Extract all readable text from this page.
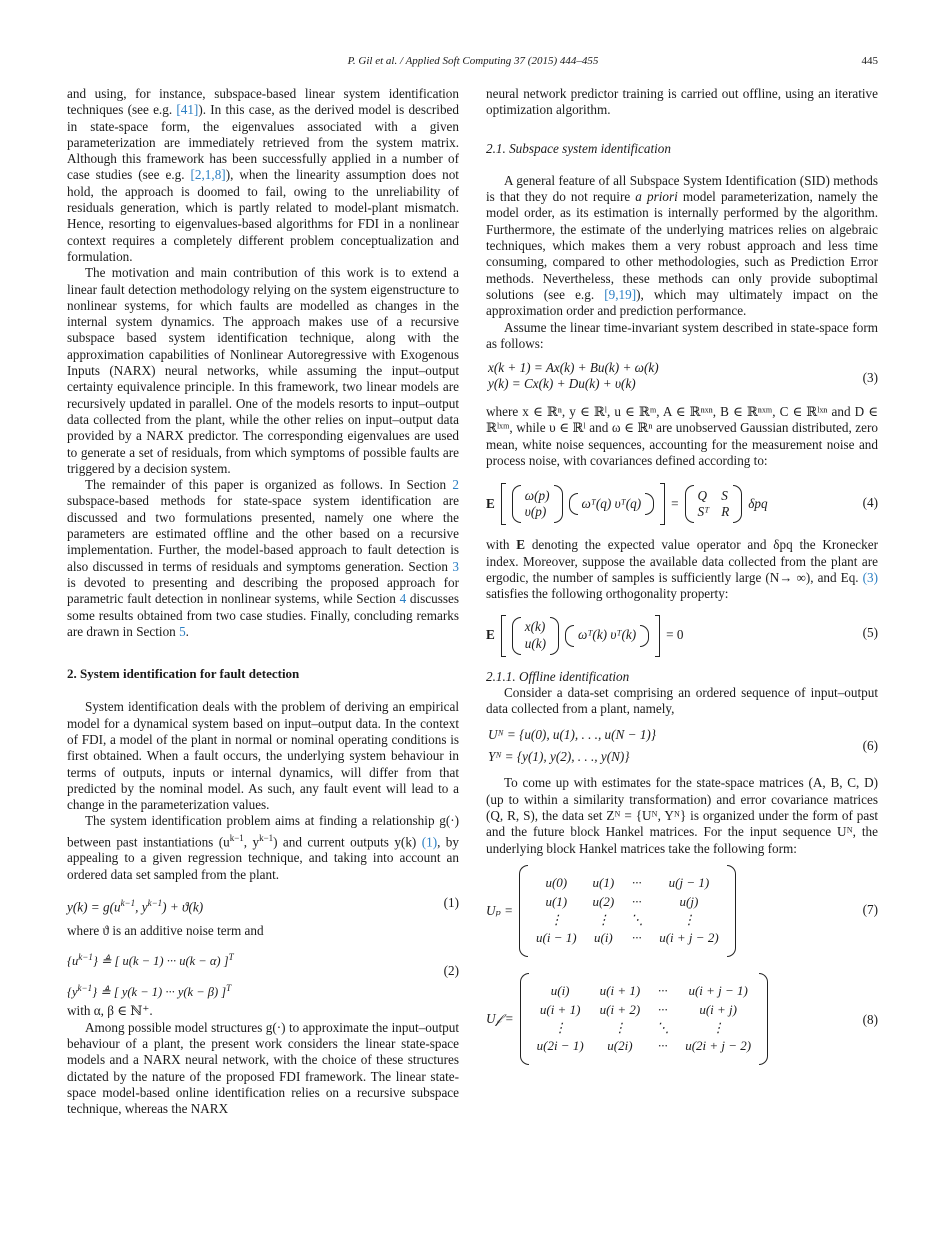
P. Gil et al. / Applied Soft Computing 37 (2015) 444–455	445

and using, for instance, subspace-based linear system identification techniques (see e.g. [41]). In this case, as the derived model is described in state-space form, the eigenvalues associated with a given parameterization are immediately retrieved from the system matrix. Although this framework has been successfully applied in a number of case studies (see e.g. [2,1,8]), when the linearity assumption does not hold, the approach is doomed to fail, owing to the unreliability of residuals generation, which is partly related to model-plant mismatch. Hence, resorting to eigenvalues-based algorithms for FDI in a nonlinear context requires a completely different problem conceptualization and formulation.

The motivation and main contribution of this work is to extend a linear fault detection methodology relying on the system eigenstructure to nonlinear systems, for which faults are modelled as changes in the internal system dynamics. The approach makes use of a recursive subspace based system identification technique, along with the approximation capabilities of Nonlinear Autoregressive with Exogenous Inputs (NARX) neural networks, while assuming the input–output certainty equivalence principle. In this framework, two linear models are recursively updated in parallel. One of the models resorts to input–output data collected from the plant, while the other relies on input–output data provided by a NARX predictor. The corresponding eigenvalues are used to generate a set of residuals, from which symptoms of possible faults are triggered by a decision system.

The remainder of this paper is organized as follows. In Section 2 subspace-based methods for state-space system identification are discussed and two formulations presented, namely one where the parameters are estimated offline and the other based on a recursive implementation. Further, the model-based approach to fault detection is also discussed in terms of residuals and symptoms generation. Section 3 is devoted to presenting and describing the proposed approach for parametric fault detection in nonlinear systems, while Section 4 discusses some results obtained from two case studies. Finally, concluding remarks are drawn in Section 5.

2. System identification for fault detection

System identification deals with the problem of deriving an empirical model for a dynamical system based on input–output data. In the context of FDI, a model of the plant in normal or nominal operating conditions is first obtained. When a fault occurs, the underlying system behaviour in terms of outputs, inputs or internal dynamics, will differ from that predicted by the nominal model. As such, any fault event will lead to a change in the parameterization values.

The system identification problem aims at finding a relationship g(·) between past instantiations ($u^{k-1}$, $y^{k-1}$) and current outputs y(k) (1), by appealing to a given regression technique, and taking into account an ordered data set sampled from the plant.

$y(k) = g(u^{k-1}$, $y^{k-1}) + ϑ(k)$	(1)

where ϑ is an additive noise term and

$\{u^{k-1}\}$ ≜ [ u(k − 1) ··· u(k − α) ]$^T$
$\{y^{k-1}\}$ ≜ [ y(k − 1) ··· y(k − β) ]$^T$
(2)

with α, β ∈ ℕ⁺.

Among possible model structures g(·) to approximate the input–output behaviour of a plant, the present work considers the linear state-space models and a NARX neural network, with the choice of these structures dictated by the nature of the proposed FDI framework. The linear state-space model-based online identification relies on a recursive subspace technique, whereas the NARX

neural network predictor training is carried out offline, using an iterative optimization algorithm.

2.1. Subspace system identification

A general feature of all Subspace System Identification (SID) methods is that they do not require a priori model parameterization, namely the model order, as its estimation is internally performed by the algorithm. Furthermore, the estimate of the underlying matrices relies on algebraic techniques, which makes them a very robust approach and less time consuming, compared to other methodologies, such as Prediction Error methods. Nevertheless, these methods can only provide suboptimal solutions (see e.g. [9,19]), which may ultimately impact on the approximation order and prediction performance.

Assume the linear time-invariant system described in state-space form as follows:

x(k + 1) = Ax(k) + Bu(k) + ω(k)
y(k) = Cx(k) + Du(k) + υ(k)	(3)

where x ∈ ℝⁿ, y ∈ ℝˡ, u ∈ ℝᵐ, A ∈ ℝⁿˣⁿ, B ∈ ℝⁿˣᵐ, C ∈ ℝˡˣⁿ and D ∈ ℝˡˣᵐ, while υ ∈ ℝˡ and ω ∈ ℝⁿ are unobserved Gaussian distributed, zero mean, white noise sequences, accounting for the measurement noise and process noise, with covariances defined according to:

E
ω(p)
υ(p)
ωᵀ(q) υᵀ(q)	=
Q S
Sᵀ R
δpq	(4)

with E denoting the expected value operator and δpq the Kronecker index. Moreover, suppose the available data collected from the plant are ergodic, the number of samples is sufficiently large (N→ ∞), and Eq. (3) satisfies the following orthogonality property:

E
x(k)
u(k)
ωᵀ(k) υᵀ(k)	= 0	(5)
2.1.1. Offline identification

Consider a data-set comprising an ordered sequence of input–output data collected from a plant, namely,

Uᴺ = {u(0), u(1), . . ., u(N − 1)}
Yᴺ = {y(1), y(2), . . ., y(N)}
(6)

To come up with estimates for the state-space matrices (A, B, C, D) (up to within a similarity transformation) and error covariance matrices (Q, R, S), the data set Zᴺ = {Uᴺ, Yᴺ} is organized under the form of past and the future block Hankel matrices. For the input sequence Uᴺ, the underlying block Hankel matrices take the following form:

Uₚ =
u(0)	u(1)	···	u(j − 1)
u(1)	u(2)	···	u(j)
⋮	⋮	⋱	⋮
u(i − 1)	u(i)	···	u(i + j − 2)
(7)
U𝒻 =
u(i)	u(i + 1)	···	u(i + j − 1)
u(i + 1)	u(i + 2)	···	u(i + j)
⋮	⋮	⋱	⋮
u(2i − 1)	u(2i)	···	u(2i + j − 2)
(8)
